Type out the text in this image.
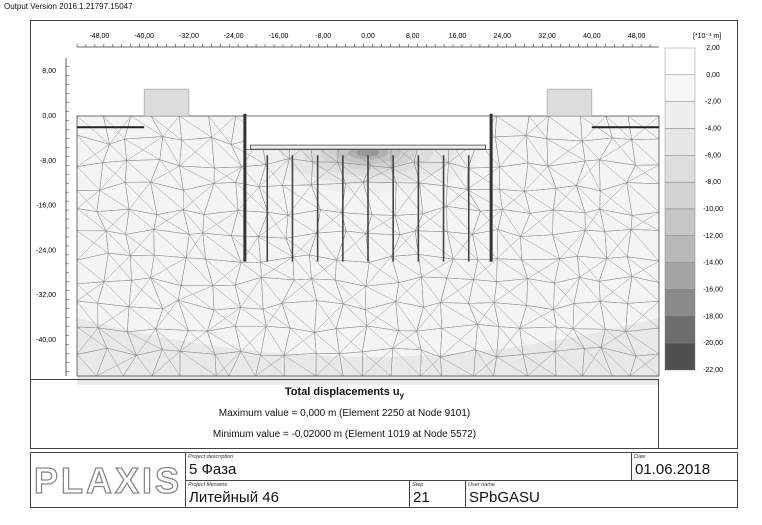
Output Version 2016.1.21797.15047
-48,00	-40,00	-32,00	-24,00	-16,00	-8,00	0,00	8,00	16,00	24,00	32,00	40,00	48,00
8,00
0,00
-8,00
-16,00
-24,00
-32,00
-40,00
[*10⁻³ m]
2,00
0,00
-2,00
-4,00
-6,00
-8,00
-10,00
-12,00
-14,00
-16,00
-18,00
-20,00
-22,00
Total displacements $u_y$
Maximum value = 0,000 m (Element 2250 at Node 9101)
Minimum value = -0,02000 m (Element 1019 at Node 5572)
PLAXIS
Project description
5 Фаза
Date
01.06.2018
Project filename
Литейный 46
Step
21
User name
SPbGASU
